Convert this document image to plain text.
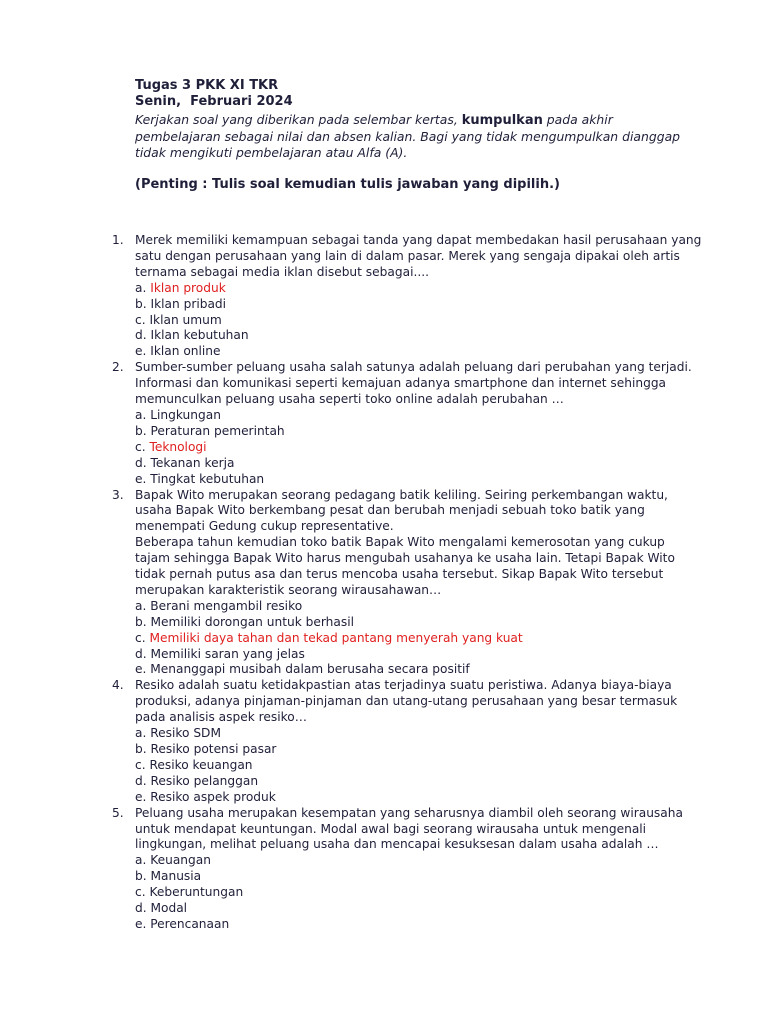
Tugas 3 PKK XI TKR
Senin,  Februari 2024
Kerjakan soal yang diberikan pada selembar kertas, kumpulkan pada akhir pembelajaran sebagai nilai dan absen kalian. Bagi yang tidak mengumpulkan dianggap tidak mengikuti pembelajaran atau Alfa (A).
(Penting : Tulis soal kemudian tulis jawaban yang dipilih.)
1. Merek memiliki kemampuan sebagai tanda yang dapat membedakan hasil perusahaan yang satu dengan perusahaan yang lain di dalam pasar. Merek yang sengaja dipakai oleh artis ternama sebagai media iklan disebut sebagai....
a. Iklan produk
b. Iklan pribadi
c. Iklan umum
d. Iklan kebutuhan
e. Iklan online
2. Sumber-sumber peluang usaha salah satunya adalah peluang dari perubahan yang terjadi. Informasi dan komunikasi seperti kemajuan adanya smartphone dan internet sehingga memunculkan peluang usaha seperti toko online adalah perubahan …
a. Lingkungan
b. Peraturan pemerintah
c. Teknologi
d. Tekanan kerja
e. Tingkat kebutuhan
3. Bapak Wito merupakan seorang pedagang batik keliling. Seiring perkembangan waktu, usaha Bapak Wito berkembang pesat dan berubah menjadi sebuah toko batik yang menempati Gedung cukup representative.
Beberapa tahun kemudian toko batik Bapak Wito mengalami kemerosotan yang cukup tajam sehingga Bapak Wito harus mengubah usahanya ke usaha lain. Tetapi Bapak Wito tidak pernah putus asa dan terus mencoba usaha tersebut. Sikap Bapak Wito tersebut merupakan karakteristik seorang wirausahawan…
a. Berani mengambil resiko
b. Memiliki dorongan untuk berhasil
c. Memiliki daya tahan dan tekad pantang menyerah yang kuat
d. Memiliki saran yang jelas
e. Menanggapi musibah dalam berusaha secara positif
4. Resiko adalah suatu ketidakpastian atas terjadinya suatu peristiwa. Adanya biaya-biaya produksi, adanya pinjaman-pinjaman dan utang-utang perusahaan yang besar termasuk pada analisis aspek resiko…
a. Resiko SDM
b. Resiko potensi pasar
c. Resiko keuangan
d. Resiko pelanggan
e. Resiko aspek produk
5. Peluang usaha merupakan kesempatan yang seharusnya diambil oleh seorang wirausaha untuk mendapat keuntungan. Modal awal bagi seorang wirausaha untuk mengenali lingkungan, melihat peluang usaha dan mencapai kesuksesan dalam usaha adalah …
a. Keuangan
b. Manusia
c. Keberuntungan
d. Modal
e. Perencanaan
